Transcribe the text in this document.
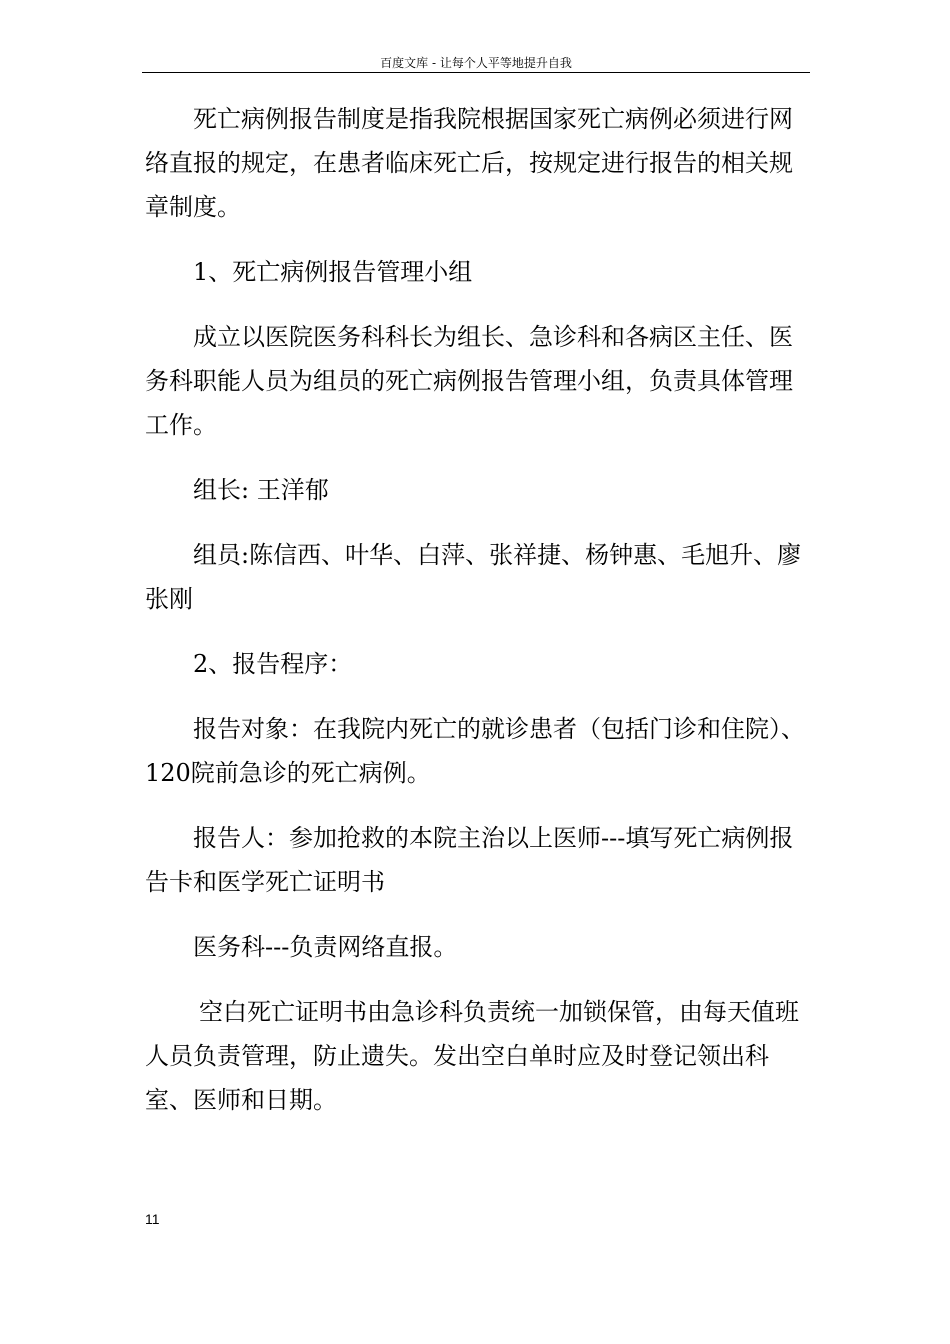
百度文库 - 让每个人平等地提升自我

死亡病例报告制度是指我院根据国家死亡病例必须进行网络直报的规定，在患者临床死亡后，按规定进行报告的相关规章制度。

1、死亡病例报告管理小组

成立以医院医务科科长为组长、急诊科和各病区主任、医务科职能人员为组员的死亡病例报告管理小组，负责具体管理工作。

组长: 王洋郁

组员:陈信西、叶华、白萍、张祥捷、杨钟惠、毛旭升、廖张刚

2、报告程序：

报告对象：在我院内死亡的就诊患者（包括门诊和住院）、120院前急诊的死亡病例。

报告人：参加抢救的本院主治以上医师---填写死亡病例报告卡和医学死亡证明书

医务科---负责网络直报。

空白死亡证明书由急诊科负责统一加锁保管，由每天值班人员负责管理，防止遗失。发出空白单时应及时登记领出科室、医师和日期。

11
